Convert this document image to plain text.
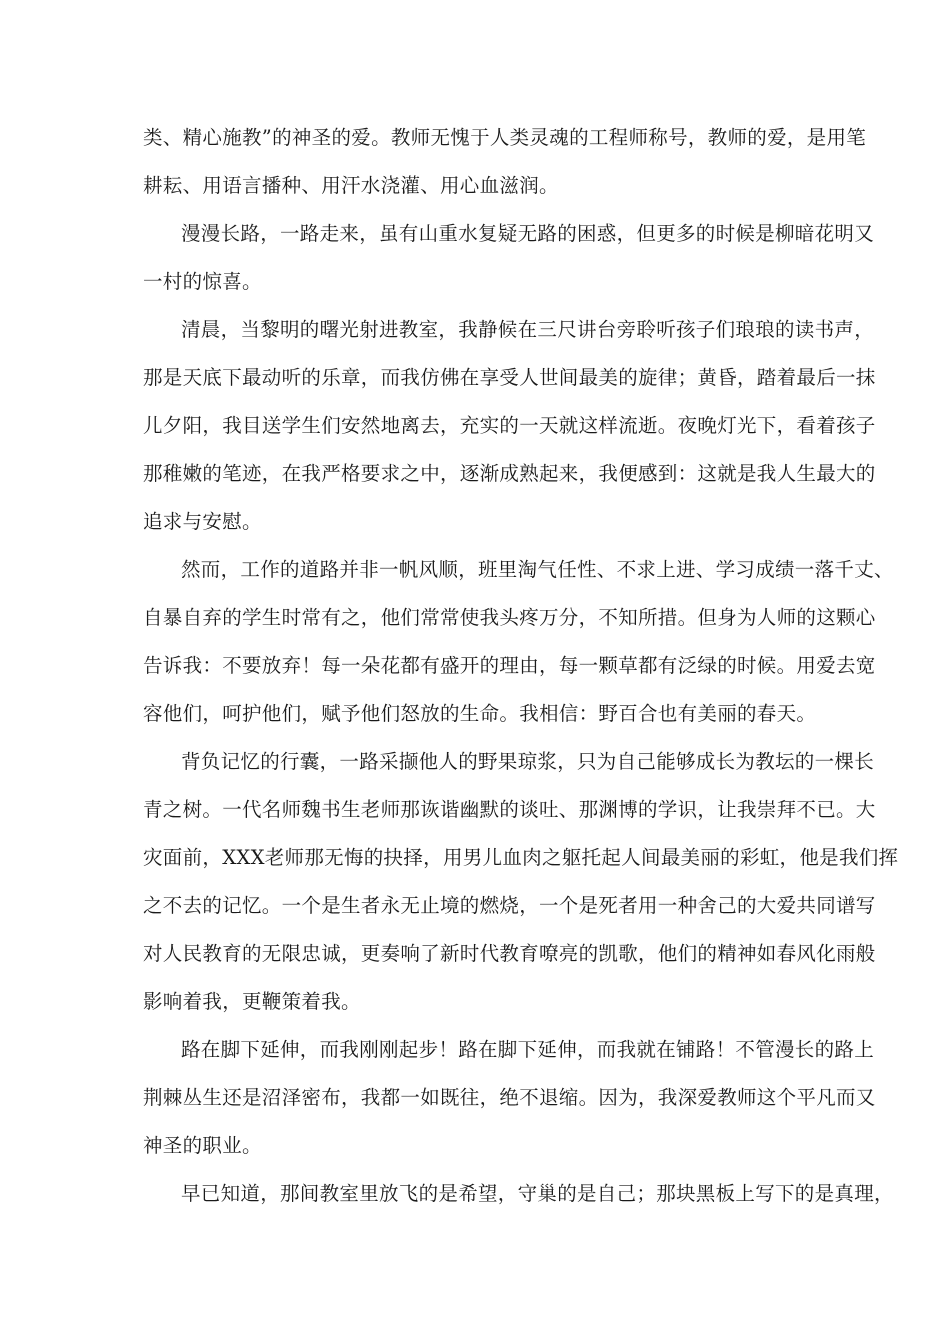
类、精心施教”的神圣的爱。教师无愧于人类灵魂的工程师称号，教师的爱，是用笔
耕耘、用语言播种、用汗水浇灌、用心血滋润。
漫漫长路，一路走来，虽有山重水复疑无路的困惑，但更多的时候是柳暗花明又
一村的惊喜。
清晨，当黎明的曙光射进教室，我静候在三尺讲台旁聆听孩子们琅琅的读书声，
那是天底下最动听的乐章，而我仿佛在享受人世间最美的旋律；黄昏，踏着最后一抹
儿夕阳，我目送学生们安然地离去，充实的一天就这样流逝。夜晚灯光下，看着孩子
那稚嫩的笔迹，在我严格要求之中，逐渐成熟起来，我便感到：这就是我人生最大的
追求与安慰。
然而，工作的道路并非一帆风顺，班里淘气任性、不求上进、学习成绩一落千丈、
自暴自弃的学生时常有之，他们常常使我头疼万分，不知所措。但身为人师的这颗心
告诉我：不要放弃！每一朵花都有盛开的理由，每一颗草都有泛绿的时候。用爱去宽
容他们，呵护他们，赋予他们怒放的生命。我相信：野百合也有美丽的春天。
背负记忆的行囊，一路采撷他人的野果琼浆，只为自己能够成长为教坛的一棵长
青之树。一代名师魏书生老师那诙谐幽默的谈吐、那渊博的学识，让我崇拜不已。大
灾面前，XXX老师那无悔的抉择，用男儿血肉之躯托起人间最美丽的彩虹，他是我们挥
之不去的记忆。一个是生者永无止境的燃烧，一个是死者用一种舍己的大爱共同谱写
对人民教育的无限忠诚，更奏响了新时代教育嘹亮的凯歌，他们的精神如春风化雨般
影响着我，更鞭策着我。
路在脚下延伸，而我刚刚起步！路在脚下延伸，而我就在铺路！不管漫长的路上
荆棘丛生还是沼泽密布，我都一如既往，绝不退缩。因为，我深爱教师这个平凡而又
神圣的职业。
早已知道，那间教室里放飞的是希望，守巢的是自己；那块黑板上写下的是真理，
